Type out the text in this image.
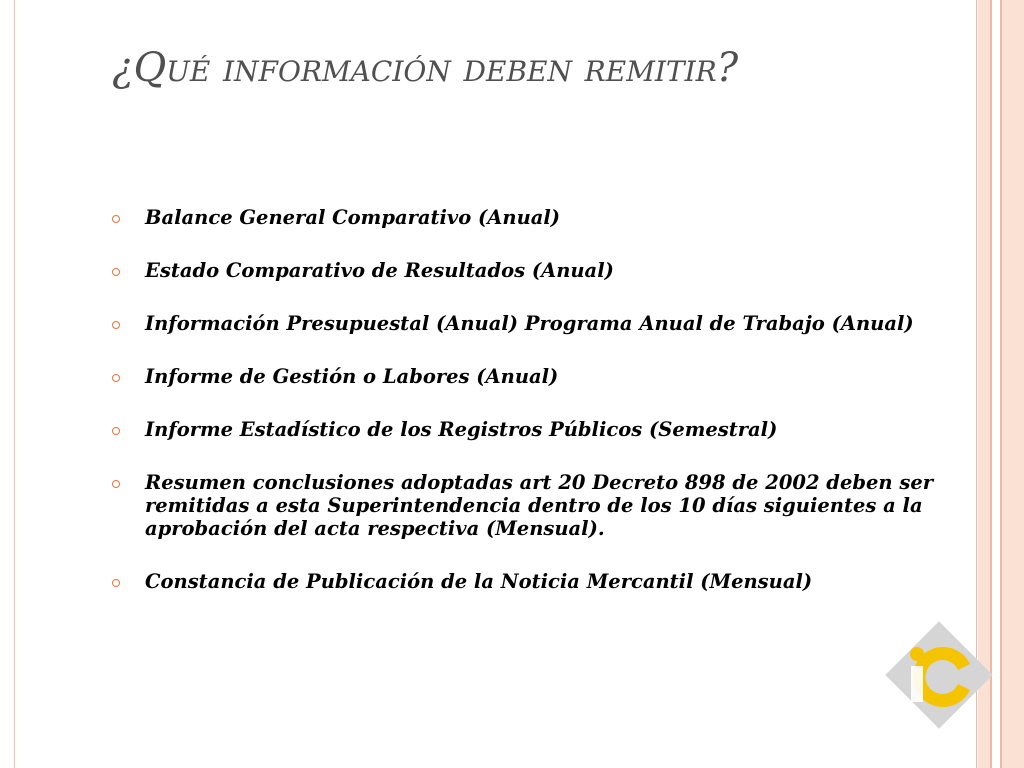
¿Qué información deben remitir?
Balance General Comparativo (Anual)
Estado Comparativo de Resultados (Anual)
Información Presupuestal (Anual) Programa Anual de Trabajo (Anual)
Informe de Gestión o Labores (Anual)
Informe Estadístico de los Registros Públicos (Semestral)
Resumen conclusiones adoptadas art 20 Decreto 898 de 2002 deben ser remitidas a esta Superintendencia dentro de los 10 días siguientes a la aprobación del acta respectiva (Mensual).
Constancia de Publicación de la Noticia Mercantil (Mensual)
